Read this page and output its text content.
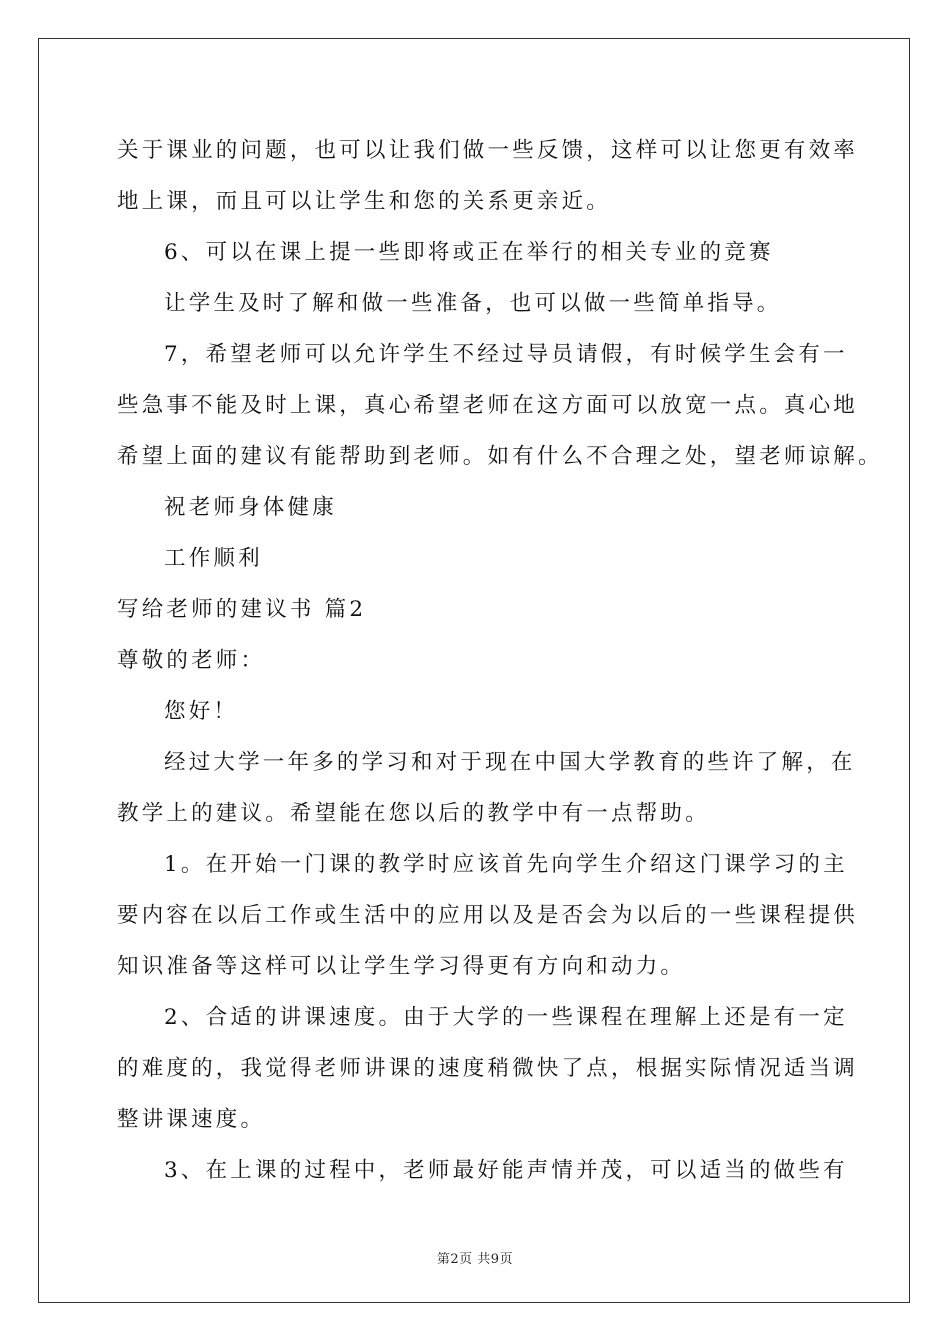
关于课业的问题，也可以让我们做一些反馈，这样可以让您更有效率
地上课，而且可以让学生和您的关系更亲近。
6、可以在课上提一些即将或正在举行的相关专业的竞赛
让学生及时了解和做一些准备，也可以做一些简单指导。
7，希望老师可以允许学生不经过导员请假，有时候学生会有一
些急事不能及时上课，真心希望老师在这方面可以放宽一点。真心地
希望上面的建议有能帮助到老师。如有什么不合理之处，望老师谅解。
祝老师身体健康
工作顺利
写给老师的建议书 篇2
尊敬的老师：
您好！
经过大学一年多的学习和对于现在中国大学教育的些许了解，在
教学上的建议。希望能在您以后的教学中有一点帮助。
1。在开始一门课的教学时应该首先向学生介绍这门课学习的主
要内容在以后工作或生活中的应用以及是否会为以后的一些课程提供
知识准备等这样可以让学生学习得更有方向和动力。
2、合适的讲课速度。由于大学的一些课程在理解上还是有一定
的难度的，我觉得老师讲课的速度稍微快了点，根据实际情况适当调
整讲课速度。
3、在上课的过程中，老师最好能声情并茂，可以适当的做些有
第2页 共9页
